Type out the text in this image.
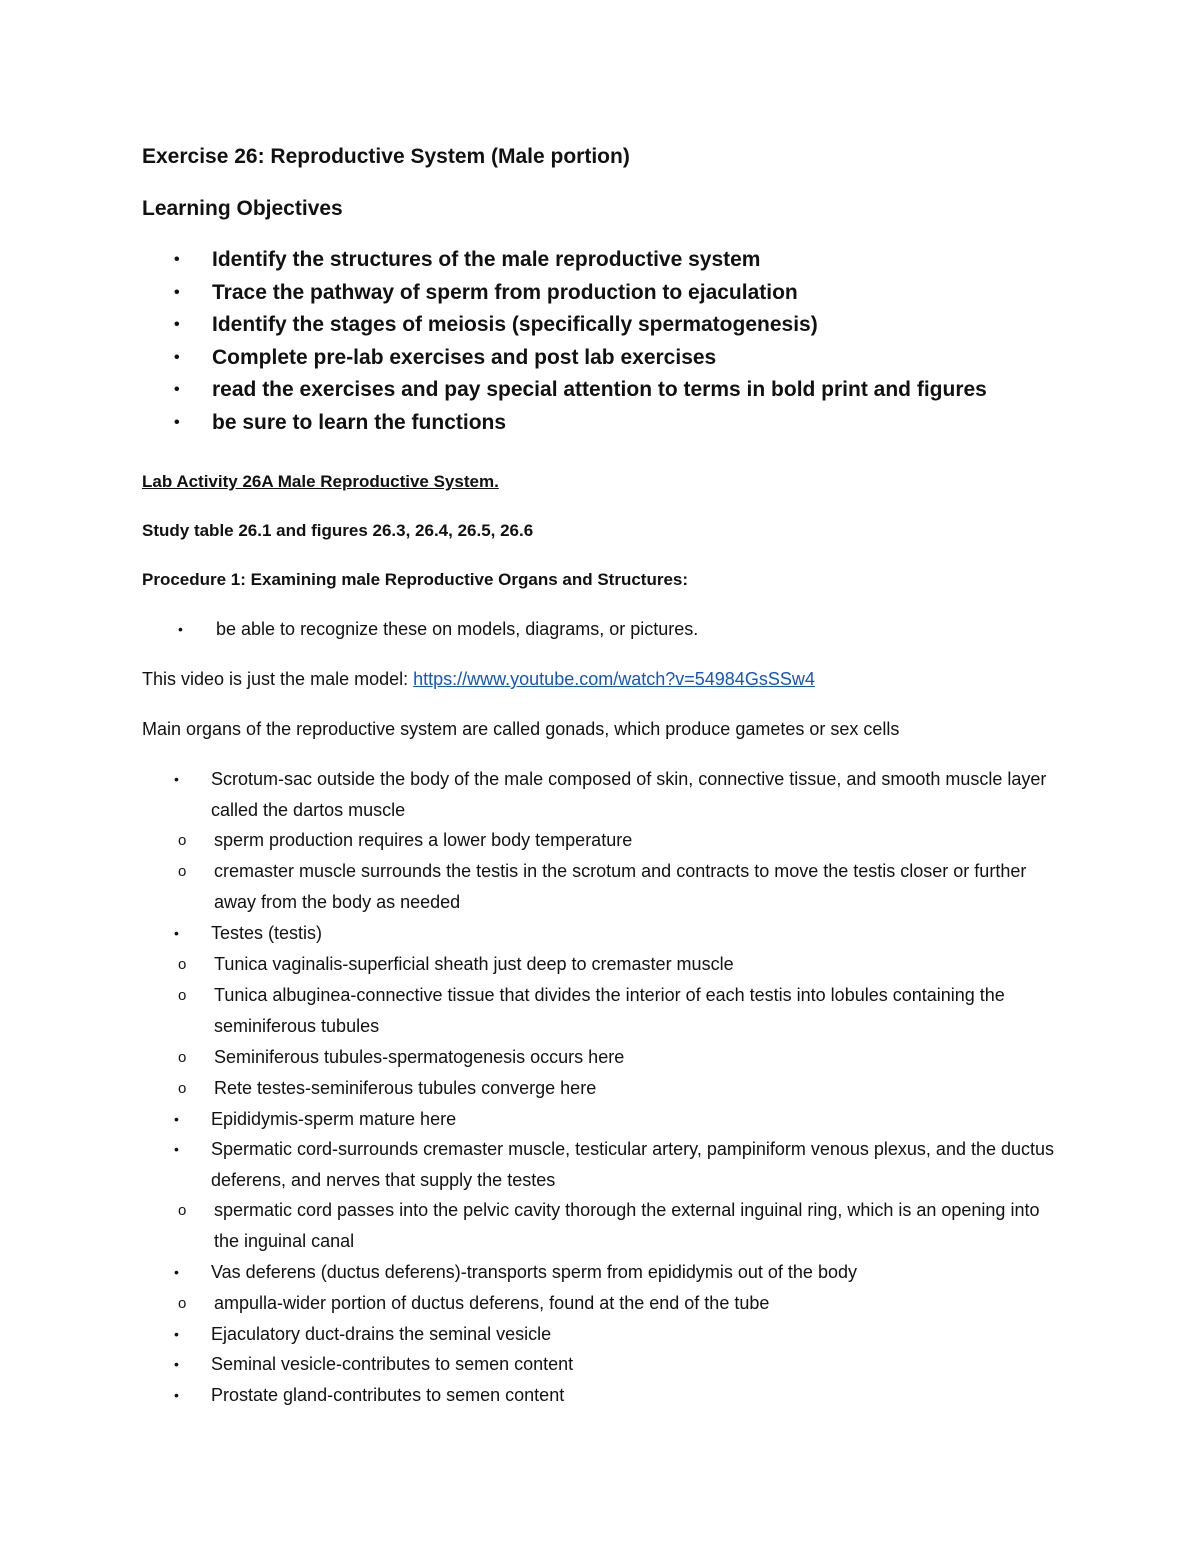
Exercise 26: Reproductive System (Male portion)

Learning Objectives

• Identify the structures of the male reproductive system
• Trace the pathway of sperm from production to ejaculation
• Identify the stages of meiosis (specifically spermatogenesis)
• Complete pre-lab exercises and post lab exercises
• read the exercises and pay special attention to terms in bold print and figures
• be sure to learn the functions
Lab Activity 26A Male Reproductive System.
Study table 26.1 and figures 26.3, 26.4, 26.5, 26.6
Procedure 1: Examining male Reproductive Organs and Structures:
• be able to recognize these on models, diagrams, or pictures.
This video is just the male model: https://www.youtube.com/watch?v=54984GsSSw4
Main organs of the reproductive system are called gonads, which produce gametes or sex cells
• Scrotum-sac outside the body of the male composed of skin, connective tissue, and smooth muscle layer called the dartos muscle
o sperm production requires a lower body temperature
o cremaster muscle surrounds the testis in the scrotum and contracts to move the testis closer or further away from the body as needed
• Testes (testis)
o Tunica vaginalis-superficial sheath just deep to cremaster muscle
o Tunica albuginea-connective tissue that divides the interior of each testis into lobules containing the seminiferous tubules
o Seminiferous tubules-spermatogenesis occurs here
o Rete testes-seminiferous tubules converge here
• Epididymis-sperm mature here
• Spermatic cord-surrounds cremaster muscle, testicular artery, pampiniform venous plexus, and the ductus deferens, and nerves that supply the testes
o spermatic cord passes into the pelvic cavity thorough the external inguinal ring, which is an opening into the inguinal canal
• Vas deferens (ductus deferens)-transports sperm from epididymis out of the body
o ampulla-wider portion of ductus deferens, found at the end of the tube
• Ejaculatory duct-drains the seminal vesicle
• Seminal vesicle-contributes to semen content
• Prostate gland-contributes to semen content
